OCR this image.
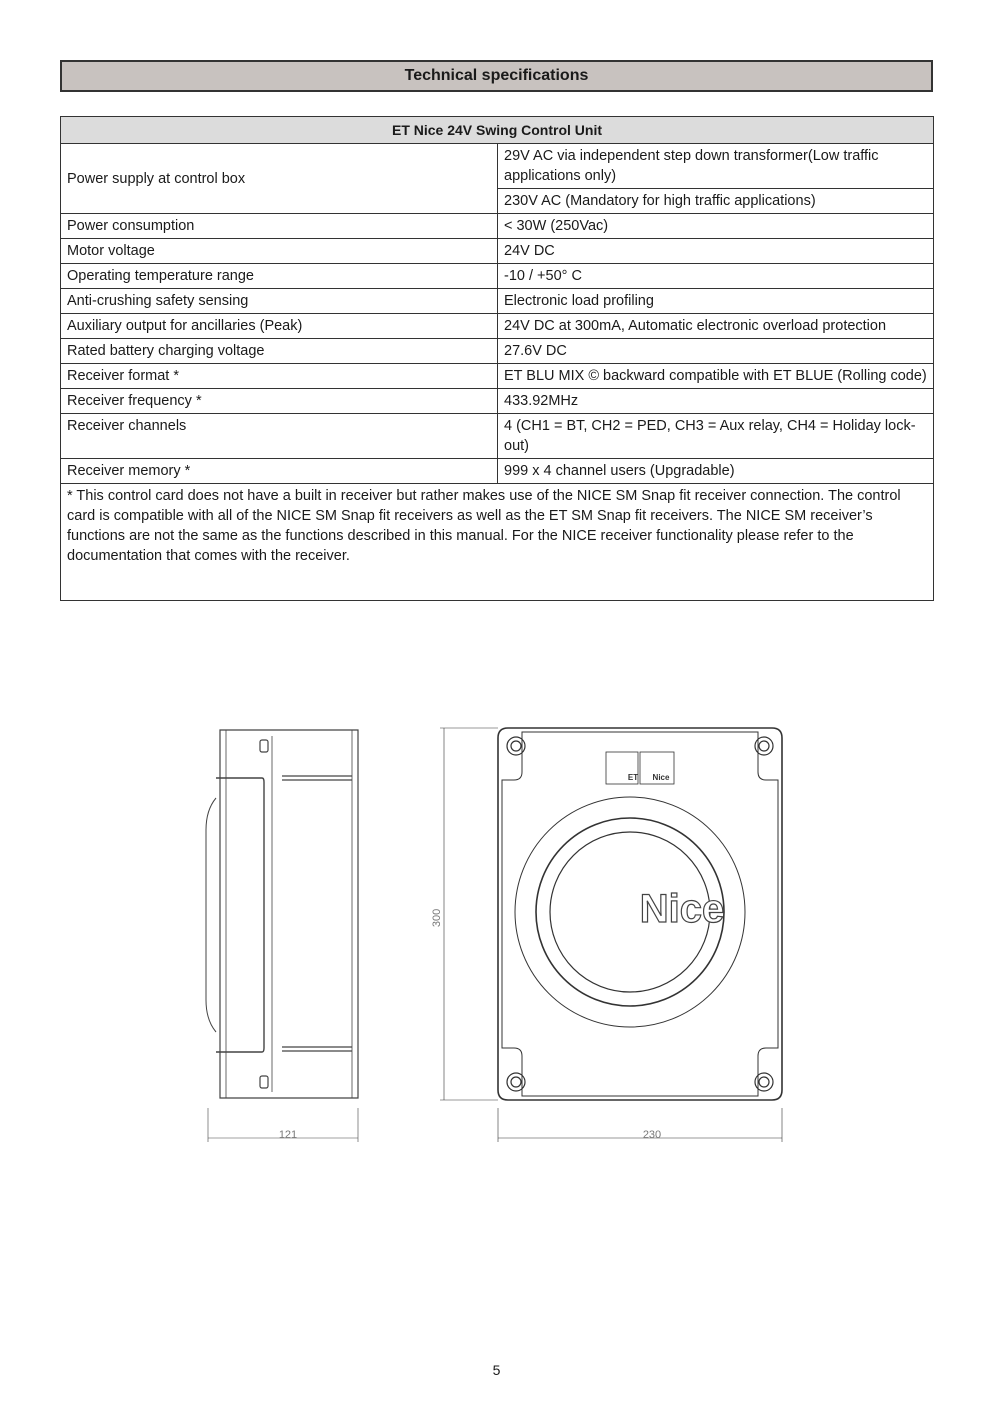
Technical specifications
ET Nice 24V Swing Control Unit	
Power supply at control box	29V AC via independent step down transformer(Low traffic applications only)
	230V AC (Mandatory for high traffic applications)
Power consumption	< 30W (250Vac)
Motor voltage	24V DC
Operating temperature range	-10 / +50° C
Anti-crushing safety sensing	Electronic load profiling
Auxiliary output for ancillaries (Peak)	24V DC at 300mA, Automatic electronic overload protection
Rated battery charging voltage	27.6V DC
Receiver format *	ET BLU MIX © backward compatible with ET BLUE (Rolling code)
Receiver frequency *	433.92MHz
Receiver channels	4 (CH1 = BT, CH2 = PED, CH3 = Aux relay, CH4 = Holiday lock-out)
Receiver memory *	999 x 4 channel users (Upgradable)
* This control card does not have a built in receiver but rather makes use of the NICE SM Snap fit receiver connection. The control card is compatible with all of the NICE SM Snap fit receivers as well as the ET SM Snap fit receivers. The NICE SM receiver’s functions are not the same as the functions described in this manual. For the NICE receiver functionality please refer to the documentation that comes with the receiver.	
121
ET Nice
Nice
300
230
5
